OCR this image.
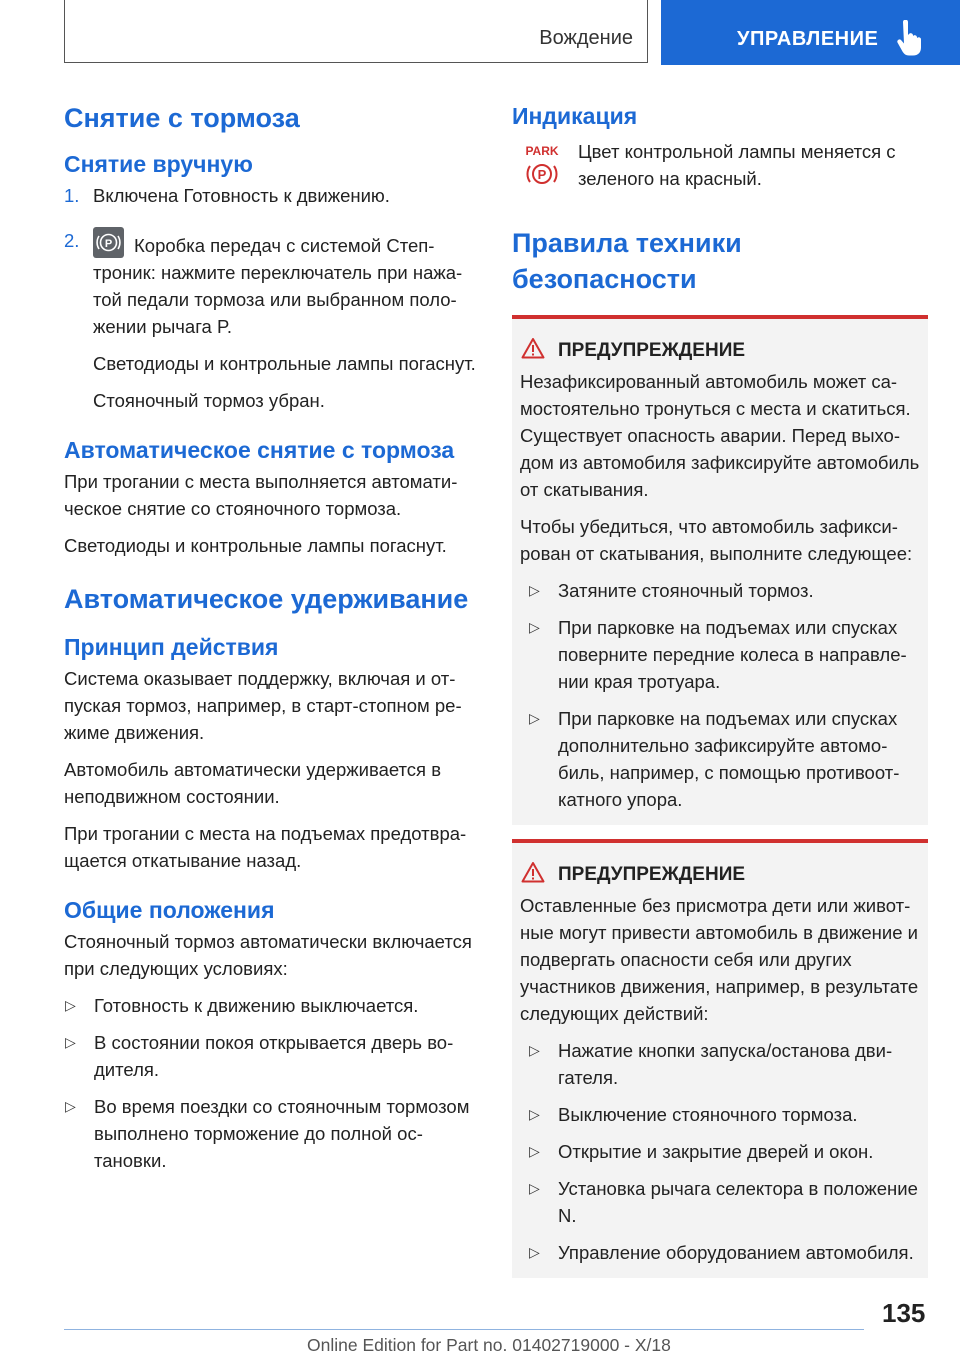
Вождение	УПРАВЛЕНИЕ
Снятие с тормоза
Снятие вручную
1. Включена Готовность к движению.

2.	P Коробка передач с системой Стептроник: нажмите переключатель при нажатой педали тормоза или выбранном положении рычага P.

Светодиоды и контрольные лампы погаснут.

Стояночный тормоз убран.

Автоматическое снятие с тормоза

При трогании с места выполняется автоматическое снятие со стояночного тормоза.

Светодиоды и контрольные лампы погаснут.

Автоматическое удерживание
Принцип действия

Система оказывает поддержку, включая и отпуская тормоз, например, в старт-стопном режиме движения.

Автомобиль автоматически удерживается в неподвижном состоянии.

При трогании с места на подъемах предотвращается откатывание назад.

Общие положения

Стояночный тормоз автоматически включается при следующих условиях:

▷ Готовность к движению выключается.
▷ В состоянии покоя открывается дверь водителя.
▷ Во время поездки со стояночным тормозом выполнено торможение до полной остановки.
Индикация
PARK
P

Цвет контрольной лампы меняется с зеленого на красный.

Правила техники безопасности
ПРЕДУПРЕЖДЕНИЕ

Незафиксированный автомобиль может самостоятельно тронуться с места и скатиться. Существует опасность аварии. Перед выходом из автомобиля зафиксируйте автомобиль от скатывания.

Чтобы убедиться, что автомобиль зафиксирован от скатывания, выполните следующее:

▷ Затяните стояночный тормоз.
▷ При парковке на подъемах или спусках поверните передние колеса в направлении края тротуара.
▷ При парковке на подъемах или спусках дополнительно зафиксируйте автомобиль, например, с помощью противооткатного упора.
ПРЕДУПРЕЖДЕНИЕ

Оставленные без присмотра дети или животные могут привести автомобиль в движение и подвергать опасности себя или других участников движения, например, в результате следующих действий:

▷ Нажатие кнопки запуска/останова двигателя.
▷ Выключение стояночного тормоза.
▷ Открытие и закрытие дверей и окон.
▷ Установка рычага селектора в положение N.
▷ Управление оборудованием автомобиля.
135
Online Edition for Part no. 01402719000 - X/18
